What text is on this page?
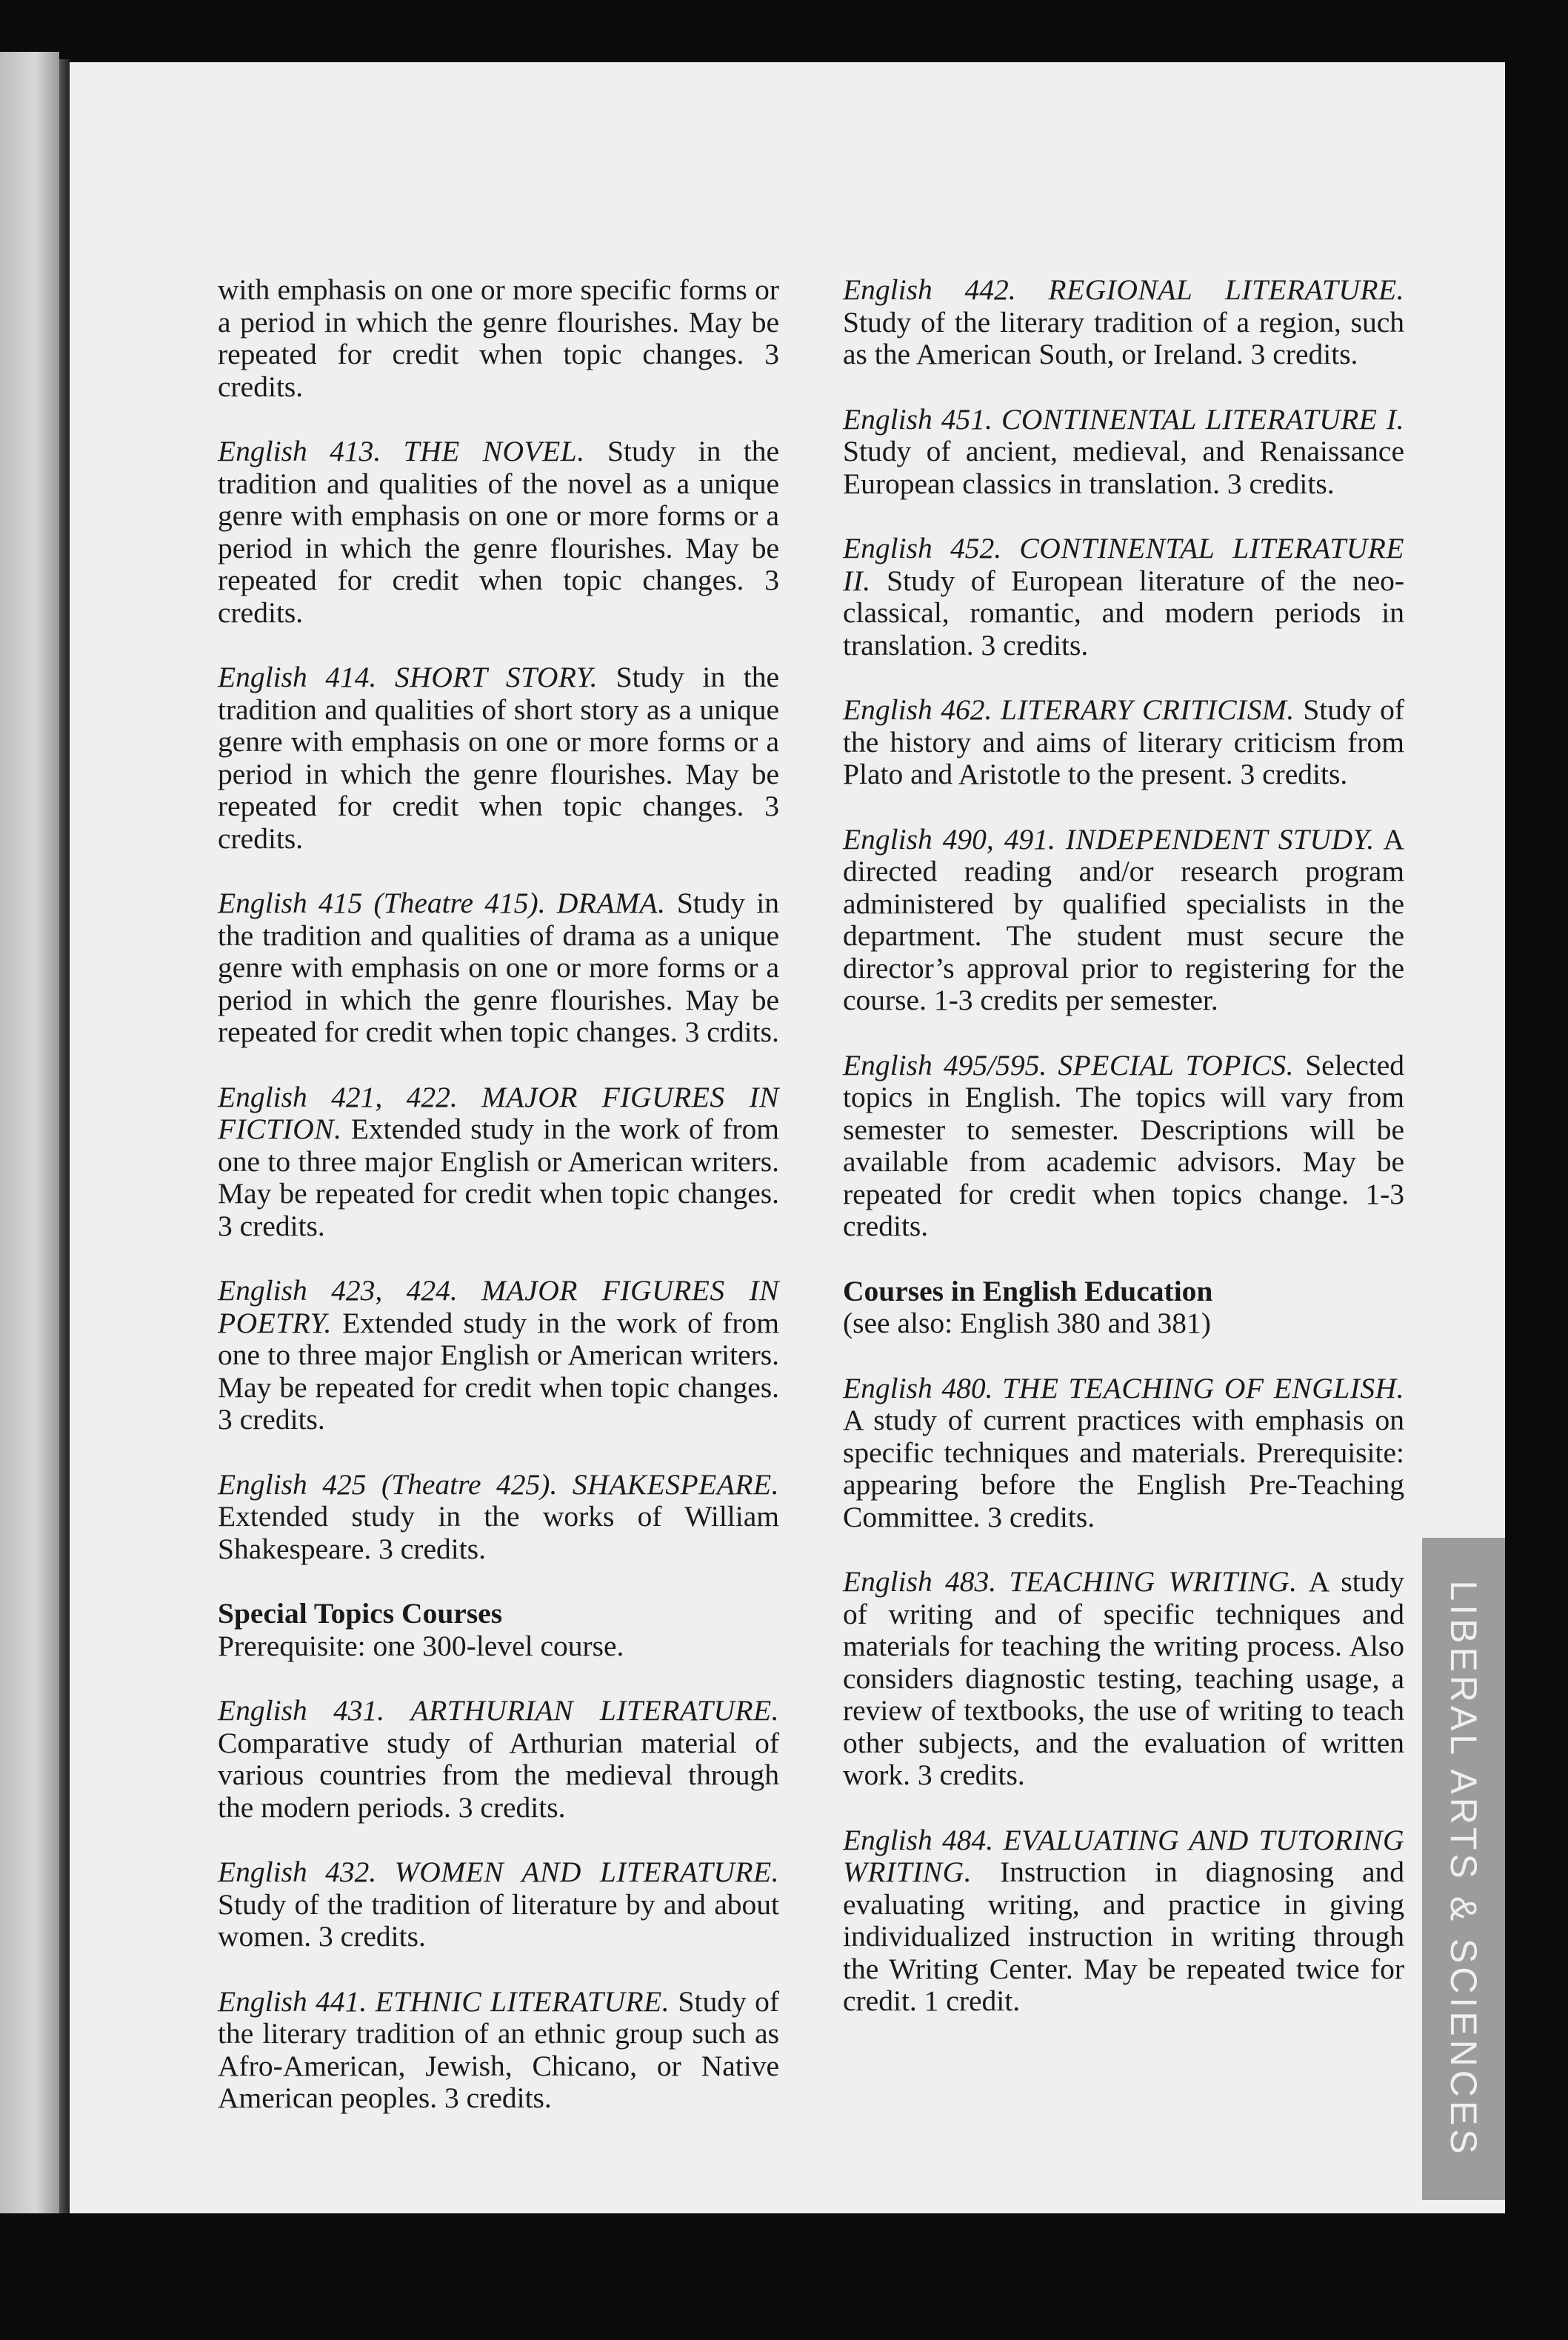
with emphasis on one or more specific forms or a period in which the genre flourishes. May be repeated for credit when topic changes. 3 credits.

English 413. THE NOVEL. Study in the tradition and qualities of the novel as a unique genre with emphasis on one or more forms or a period in which the genre flourishes. May be repeated for credit when topic changes. 3 credits.

English 414. SHORT STORY. Study in the tradition and qualities of short story as a unique genre with emphasis on one or more forms or a period in which the genre flourishes. May be repeated for credit when topic changes. 3 credits.

English 415 (Theatre 415). DRAMA. Study in the tradition and qualities of drama as a unique genre with emphasis on one or more forms or a period in which the genre flourishes. May be repeated for credit when topic changes. 3 crdits.

English 421, 422. MAJOR FIGURES IN FICTION. Extended study in the work of from one to three major English or American writers. May be repeated for credit when topic changes. 3 credits.

English 423, 424. MAJOR FIGURES IN POETRY. Extended study in the work of from one to three major English or American writers. May be repeated for credit when topic changes. 3 credits.

English 425 (Theatre 425). SHAKESPEARE. Extended study in the works of William Shakespeare. 3 credits.

Special Topics Courses
Prerequisite: one 300-level course.

English 431. ARTHURIAN LITERATURE. Comparative study of Arthurian material of various countries from the medieval through the modern periods. 3 credits.

English 432. WOMEN AND LITERATURE. Study of the tradition of literature by and about women. 3 credits.

English 441. ETHNIC LITERATURE. Study of the literary tradition of an ethnic group such as Afro-American, Jewish, Chicano, or Native American peoples. 3 credits.

English 442. REGIONAL LITERATURE. Study of the literary tradition of a region, such as the American South, or Ireland. 3 credits.

English 451. CONTINENTAL LITERATURE I. Study of ancient, medieval, and Renaissance European classics in translation. 3 credits.

English 452. CONTINENTAL LITERATURE II. Study of European literature of the neo-classical, romantic, and modern periods in translation. 3 credits.

English 462. LITERARY CRITICISM. Study of the history and aims of literary criticism from Plato and Aristotle to the present. 3 credits.

English 490, 491. INDEPENDENT STUDY. A directed reading and/or research program administered by qualified specialists in the department. The student must secure the director’s approval prior to registering for the course. 1-3 credits per semester.

English 495/595. SPECIAL TOPICS. Selected topics in English. The topics will vary from semester to semester. Descriptions will be available from academic advisors. May be repeated for credit when topics change. 1-3 credits.

Courses in English Education
(see also: English 380 and 381)

English 480. THE TEACHING OF ENGLISH. A study of current practices with emphasis on specific techniques and materials. Prerequisite: appearing before the English Pre-Teaching Committee. 3 credits.

English 483. TEACHING WRITING. A study of writing and of specific techniques and materials for teaching the writing process. Also considers diagnostic testing, teaching usage, a review of textbooks, the use of writing to teach other subjects, and the evaluation of written work. 3 credits.

English 484. EVALUATING AND TUTORING WRITING. Instruction in diagnosing and evaluating writing, and practice in giving individualized instruction in writing through the Writing Center. May be repeated twice for credit. 1 credit.	LIBERAL ARTS & SCIENCES
